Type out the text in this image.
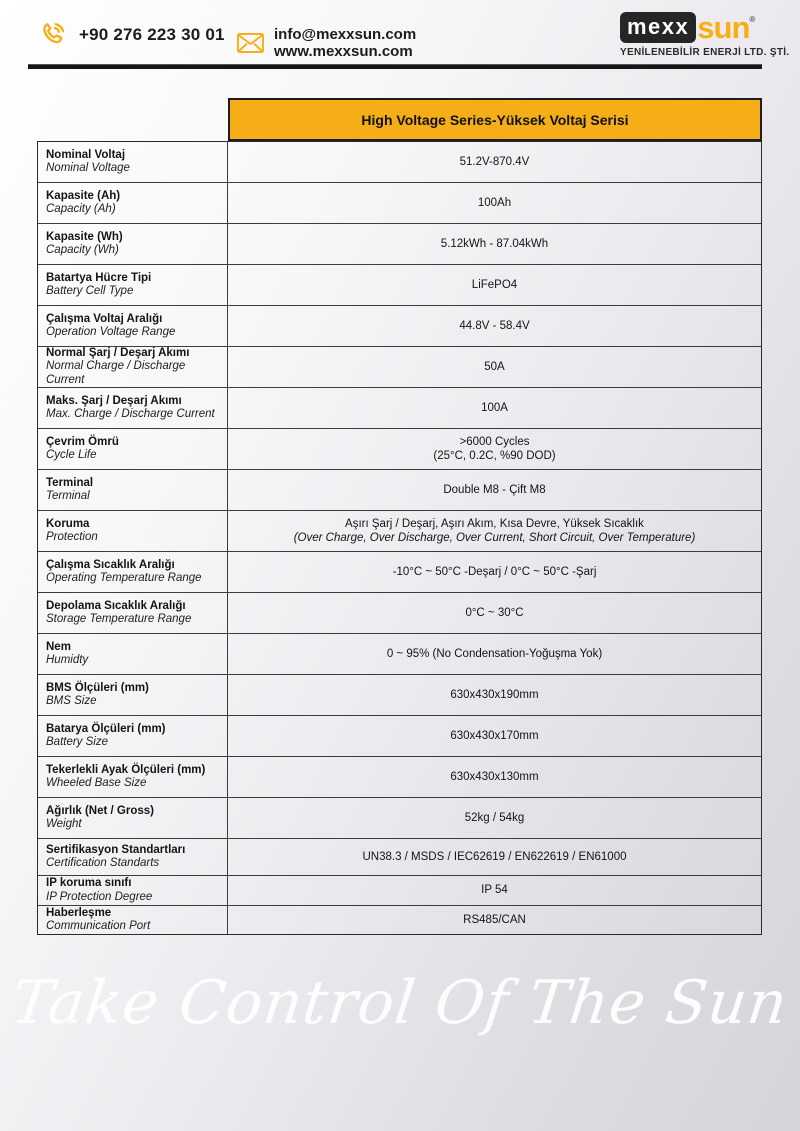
+90 276 223 30 01	info@mexxsun.com
www.mexxsun.com
mexx sun ®
YENİLENEBİLİR ENERJİ LTD. ŞTİ.
High Voltage Series-Yüksek Voltaj Serisi
Nominal Voltaj
Nominal Voltage
51.2V-870.4V
Kapasite (Ah)
Capacity (Ah)
100Ah
Kapasite (Wh)
Capacity (Wh)
5.12kWh - 87.04kWh
Batartya Hücre Tipi
Battery Cell Type
LiFePO4
Çalışma Voltaj Aralığı
Operation Voltage Range
44.8V - 58.4V
Normal Şarj / Deşarj Akımı
Normal Charge / Discharge Current
50A
Maks. Şarj / Deşarj Akımı
Max. Charge / Discharge Current
100A
Çevrim Ömrü
Cycle Life
>6000 Cycles
(25°C, 0.2C, %90 DOD)
Terminal
Terminal
Double M8 - Çift M8
Koruma
Protection
Aşırı Şarj / Deşarj, Aşırı Akım, Kısa Devre, Yüksek Sıcaklık
(Over Charge, Over Discharge, Over Current, Short Circuit, Over Temperature)
Çalışma Sıcaklık Aralığı
Operating Temperature Range
-10°C ~ 50°C -Deşarj / 0°C ~ 50°C -Şarj
Depolama Sıcaklık Aralığı
Storage Temperature Range
0°C ~ 30°C
Nem
Humidty
0 ~ 95% (No Condensation-Yoğuşma Yok)
BMS Ölçüleri (mm)
BMS Size
630x430x190mm
Batarya Ölçüleri (mm)
Battery Size
630x430x170mm
Tekerlekli Ayak Ölçüleri (mm)
Wheeled Base Size
630x430x130mm
Ağırlık (Net / Gross)
Weight
52kg / 54kg
Sertifikasyon Standartları
Certification Standarts
UN38.3 / MSDS / IEC62619 / EN622619 / EN61000
IP koruma sınıfı
IP Protection Degree
IP 54
Haberleşme
Communication Port
RS485/CAN
Take Control Of The Sun
